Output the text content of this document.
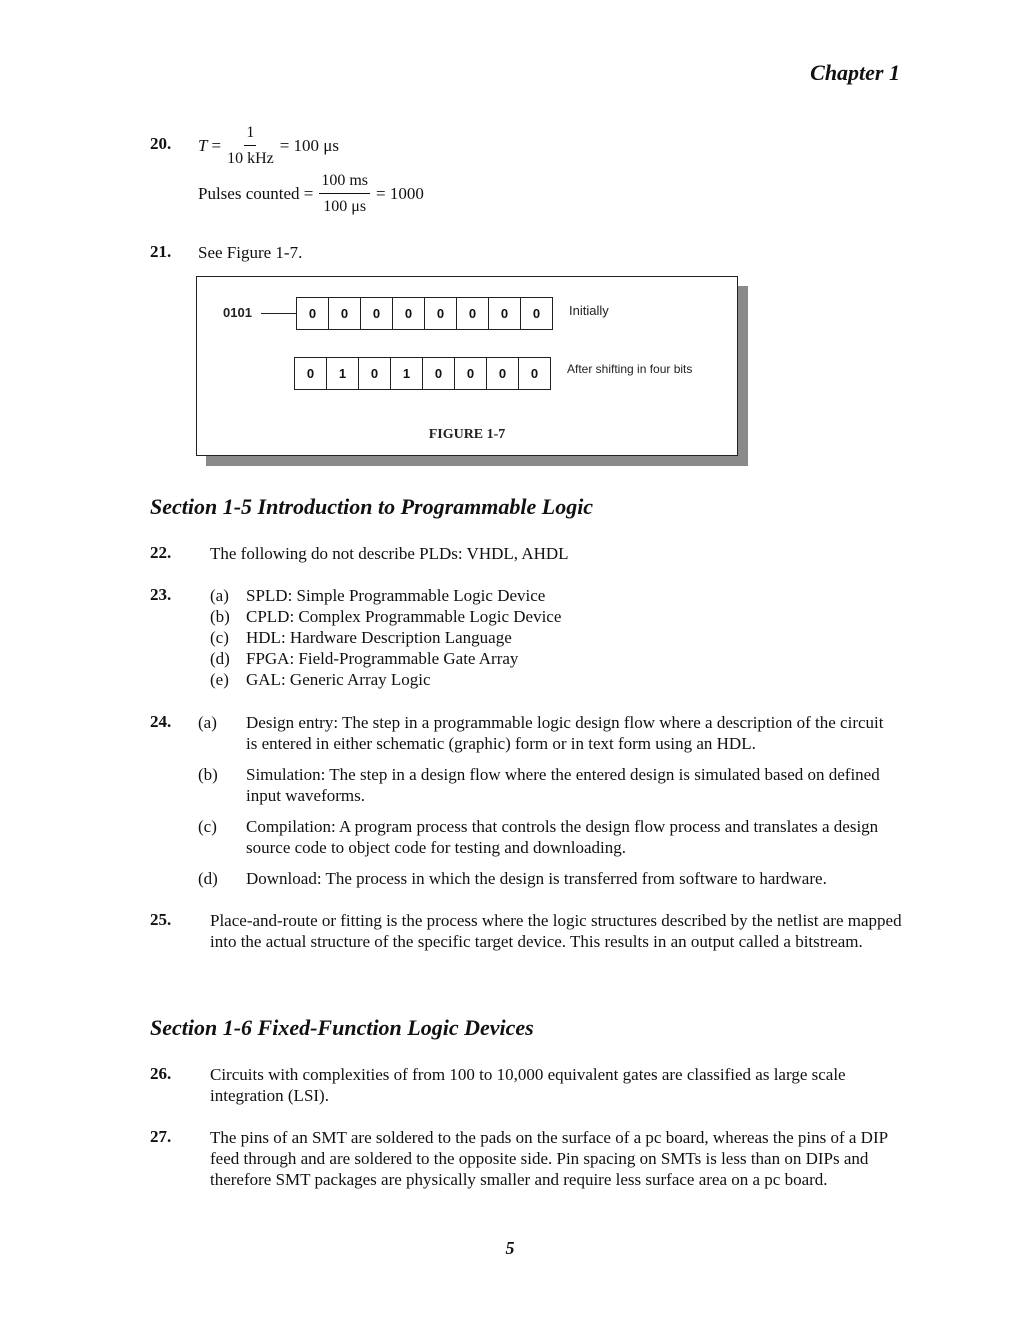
Chapter 1
20. $T = \frac{1}{\text{10 kHz}} = 100$ μs
Pulses counted = $\frac{100 ms}{100 \mu s} = 1000$
21. See Figure 1-7.
0101	0	0	0	0	0	0	0	0	Initially
0	1	0	1	0	0	0	0	After shifting in four bits
FIGURE 1-7
Section 1-5 Introduction to Programmable Logic
22. The following do not describe PLDs: VHDL, AHDL
23. (a)	SPLD: Simple Programmable Logic Device
(b) CPLD: Complex Programmable Logic Device
(c)	HDL: Hardware Description Language
(d) FPGA: Field-Programmable Gate Array
(e)	GAL: Generic Array Logic
24. (a)	Design entry: The step in a programmable logic design flow where a description of the circuit is entered in either schematic (graphic) form or in text form using an HDL.
(b)	Simulation: The step in a design flow where the entered design is simulated based on defined input waveforms.
(c)	Compilation: A program process that controls the design flow process and translates a design source code to object code for testing and downloading.
(d)	Download: The process in which the design is transferred from software to hardware.
25. Place-and-route or fitting is the process where the logic structures described by the netlist are mapped into the actual structure of the specific target device. This results in an output called a bitstream.
Section 1-6 Fixed-Function Logic Devices
26. Circuits with complexities of from 100 to 10,000 equivalent gates are classified as large scale integration (LSI).
27. The pins of an SMT are soldered to the pads on the surface of a pc board, whereas the pins of a DIP feed through and are soldered to the opposite side. Pin spacing on SMTs is less than on DIPs and therefore SMT packages are physically smaller and require less surface area on a pc board.
5
